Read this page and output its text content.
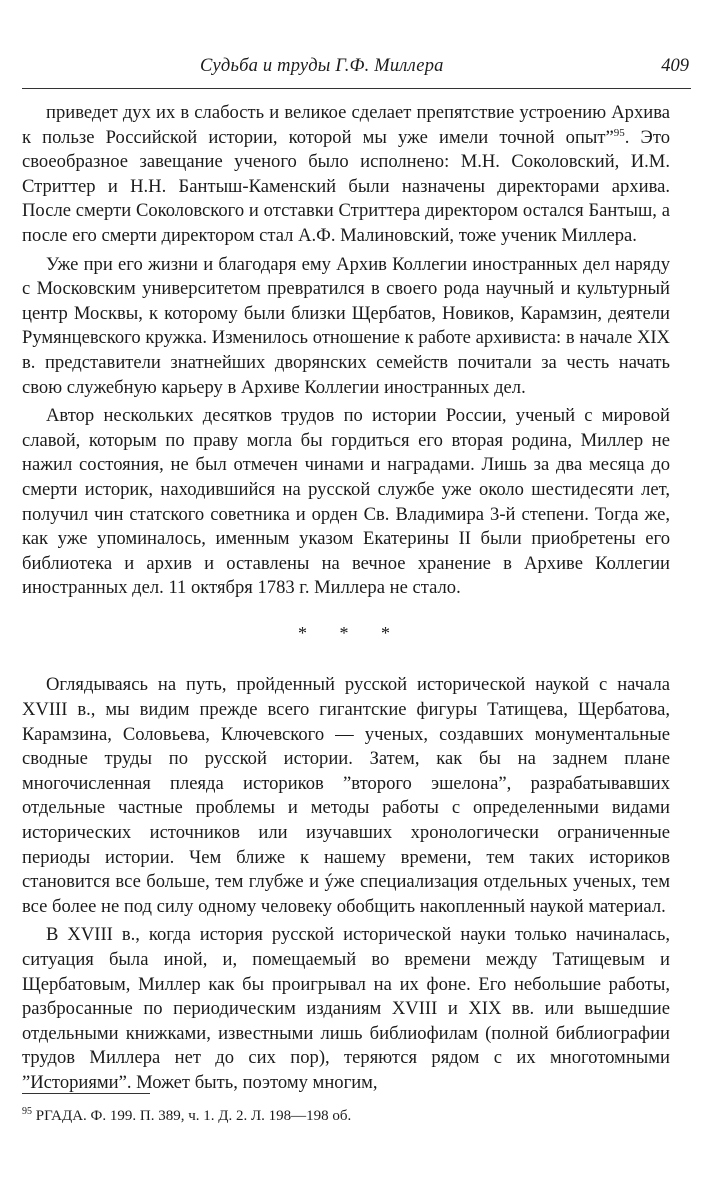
Судьба и труды Г.Ф. Миллера	409

приведет дух их в слабость и великое сделает препятствие устроению Архива к пользе Российской истории, которой мы уже имели точной опыт”$^{95}$. Это своеобразное завещание ученого было исполнено: М.Н. Соколовский, И.М. Стриттер и Н.Н. Бантыш-Каменский были назначены директорами архива. После смерти Соколовского и отставки Стриттера директором остался Бантыш, а после его смерти директором стал А.Ф. Малиновский, тоже ученик Миллера.

Уже при его жизни и благодаря ему Архив Коллегии иностранных дел наряду с Московским университетом превратился в своего рода научный и культурный центр Москвы, к которому были близки Щербатов, Новиков, Карамзин, деятели Румянцевского кружка. Изменилось отношение к работе архивиста: в начале XIX в. представители знатнейших дворянских семейств почитали за честь начать свою служебную карьеру в Архиве Коллегии иностранных дел.

Автор нескольких десятков трудов по истории России, ученый с мировой славой, которым по праву могла бы гордиться его вторая родина, Миллер не нажил состояния, не был отмечен чинами и наградами. Лишь за два месяца до смерти историк, находившийся на русской службе уже около шестидесяти лет, получил чин статского советника и орден Св. Владимира 3-й степени. Тогда же, как уже упоминалось, именным указом Екатерины II были приобретены его библиотека и архив и оставлены на вечное хранение в Архиве Коллегии иностранных дел. 11 октября 1783 г. Миллера не стало.

* * *

Оглядываясь на путь, пройденный русской исторической наукой с начала XVIII в., мы видим прежде всего гигантские фигуры Татищева, Щербатова, Карамзина, Соловьева, Ключевского — ученых, создавших монументальные сводные труды по русской истории. Затем, как бы на заднем плане многочисленная плеяда историков ”второго эшелона”, разрабатывавших отдельные частные проблемы и методы работы с определенными видами исторических источников или изучавших хронологически ограниченные периоды истории. Чем ближе к нашему времени, тем таких историков становится все больше, тем глубже и ýже специализация отдельных ученых, тем все более не под силу одному человеку обобщить накопленный наукой материал.

В XVIII в., когда история русской исторической науки только начиналась, ситуация была иной, и, помещаемый во времени между Татищевым и Щербатовым, Миллер как бы проигрывал на их фоне. Его небольшие работы, разбросанные по периодическим изданиям XVIII и XIX вв. или вышедшие отдельными книжками, известными лишь библиофилам (полной библиографии трудов Миллера нет до сих пор), теряются рядом с их многотомными ”Историями”. Может быть, поэтому многим,

$^{95}$ РГАДА. Ф. 199. П. 389, ч. 1. Д. 2. Л. 198—198 об.
